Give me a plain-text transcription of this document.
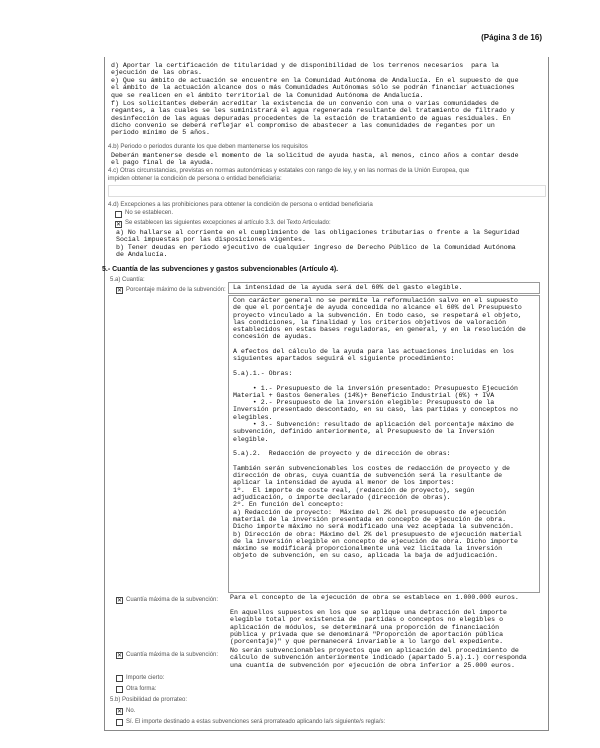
(Página 3 de 16)
d) Aportar la certificación de titularidad y de disponibilidad de los terrenos necesarios  para la
ejecución de las obras.
e) Que su ámbito de actuación se encuentre en la Comunidad Autónoma de Andalucía. En el supuesto de que
el ámbito de la actuación alcance dos o más Comunidades Autónomas sólo se podrán financiar actuaciones
que se realicen en el ámbito territorial de la Comunidad Autónoma de Andalucía.
f) Los solicitantes deberán acreditar la existencia de un convenio con una o varias comunidades de
regantes, a las cuales se les suministrará el agua regenerada resultante del tratamiento de filtrado y
desinfección de las aguas depuradas procedentes de la estación de tratamiento de aguas residuales. En
dicho convenio se deberá reflejar el compromiso de abastecer a las comunidades de regantes por un
periodo mínimo de 5 años.
4.b) Periodo o periodos durante los que deben mantenerse los requisitos
Deberán mantenerse desde el momento de la solicitud de ayuda hasta, al menos, cinco años a contar desde
el pago final de la ayuda.
4.c) Otras circunstancias, previstas en normas autonómicas y estatales con rango de ley, y en las normas de la Unión Europea, que
impiden obtener la condición de persona o entidad beneficiaria:
4.d) Excepciones a las prohibiciones para obtener la condición de persona o entidad beneficiaria
No se establecen.
✕
Se establecen las siguientes excepciones al artículo 3.3. del Texto Articulado:
a) No hallarse al corriente en el cumplimiento de las obligaciones tributarias o frente a la Seguridad
Social impuestas por las disposiciones vigentes.
b) Tener deudas en periodo ejecutivo de cualquier ingreso de Derecho Público de la Comunidad Autónoma
de Andalucía.
5.- Cuantía de las subvenciones y gastos subvencionables (Artículo 4).
5.a) Cuantía:
✕
Porcentaje máximo de la subvención: La intensidad de la ayuda será del 60% del gasto elegible.
Con carácter general no se permite la reformulación salvo en el supuesto
de que el porcentaje de ayuda concedida no alcance el 60% del Presupuesto
proyecto vinculado a la subvención. En todo caso, se respetará el objeto,
las condiciones, la finalidad y los criterios objetivos de valoración
establecidos en estas bases reguladoras, en general, y en la resolución de
concesión de ayudas.

A efectos del cálculo de la ayuda para las actuaciones incluidas en los
siguientes apartados seguirá el siguiente procedimiento:

5.a).1.- Obras:

• 1.- Presupuesto de la inversión presentado: Presupuesto Ejecución
Material + Gastos Generales (14%)+ Beneficio Industrial (6%) + IVA
• 2.- Presupuesto de la inversión elegible: Presupuesto de la
Inversión presentado descontado, en su caso, las partidas y conceptos no
elegibles.
• 3.- Subvención: resultado de aplicación del porcentaje máximo de
subvención, definido anteriormente, al Presupuesto de la Inversión
elegible.

5.a).2.  Redacción de proyecto y de dirección de obras:

También serán subvencionables los costes de redacción de proyecto y de
dirección de obras, cuya cuantía de subvención será la resultante de
aplicar la intensidad de ayuda al menor de los importes:
1º.  El importe de coste real, (redacción de proyecto), según
adjudicación, o importe declarado (dirección de obras).
2º. En función del concepto:
a) Redacción de proyecto:  Máximo del 2% del presupuesto de ejecución
material de la inversión presentada en concepto de ejecución de obra.
Dicho importe máximo no será modificado una vez aceptada la subvención.
b) Dirección de obra: Máximo del 2% del presupuesto de ejecución material
de la inversión elegible en concepto de ejecución de obra. Dicho importe
máximo se modificará proporcionalmente una vez licitada la inversión
objeto de subvención, en su caso, aplicada la baja de adjudicación.
✕
Cuantía máxima de la subvención: Para el concepto de la ejecución de obra se establece en 1.000.000 euros.
En aquellos supuestos en los que se aplique una detracción del importe
elegible total por existencia de  partidas o conceptos no elegibles o
aplicación de módulos, se determinará una proporción de financiación
pública y privada que se denominará "Proporción de aportación pública
(porcentaje)" y que permanecerá invariable a lo largo del expediente.
✕
Cuantía máxima de la subvención:
No serán subvencionables proyectos que en aplicación del procedimiento de
cálculo de subvención anteriormente indicado (apartado 5.a).1.) corresponda
una cuantía de subvención por ejecución de obra inferior a 25.000 euros.
Importe cierto:
Otra forma:
5.b) Posibilidad de prorrateo:
✕
No.
Sí. El importe destinado a estas subvenciones será prorrateado aplicando la/s siguiente/s regla/s:
